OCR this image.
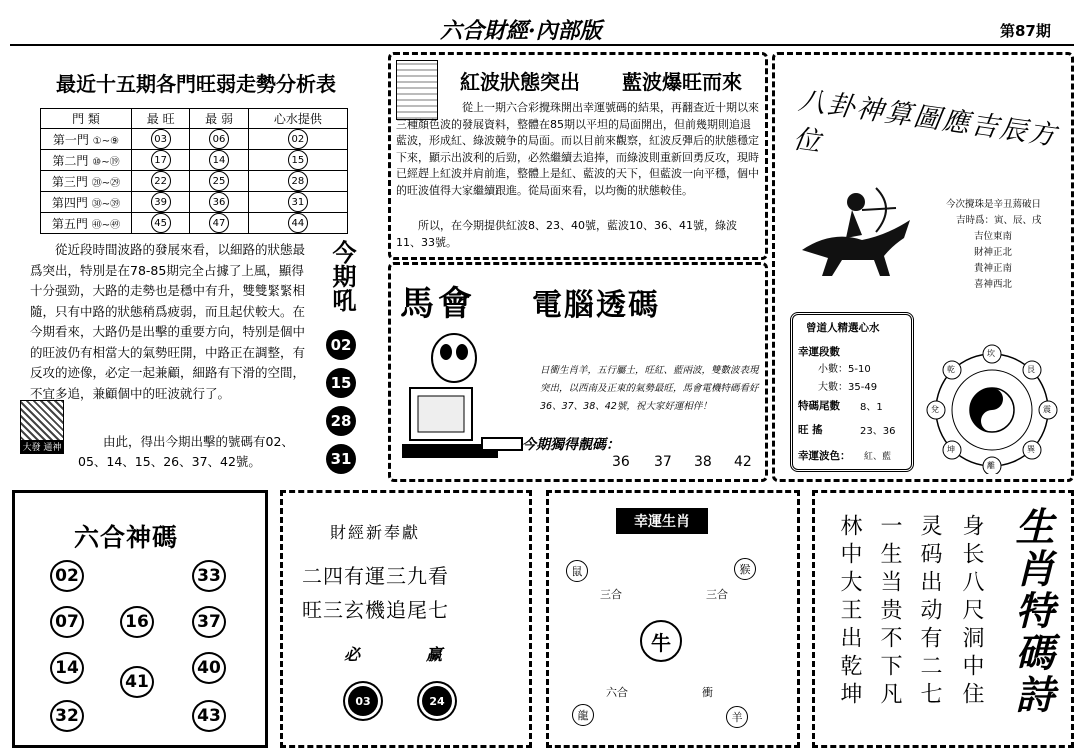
六合財經·內部版	第87期
最近十五期各門旺弱走勢分析表
門 類	最 旺	最 弱	心水提供
第一門 ①~⑨	03	06	02
第二門 ⑩~⑲	17	14	15
第三門 ⑳~㉙	22	25	28
第四門 ㉚~㊴	39	36	31
第五門 ㊵~㊾	45	47	44
從近段時間波路的發展來看，以細路的狀態最爲突出，特別是在78-85期完全占據了上風，顯得十分强勁，大路的走勢也是穩中有升，雙雙緊緊相隨，只有中路的狀態稍爲疲弱，而且起伏較大。在今期看來，大路仍是出擊的重要方向，特别是個中的旺波仍有相當大的氣勢旺開，中路正在調整，有反攻的迹像，必定一起兼顧，細路有下滑的空間，不宜多追，兼顧個中的旺波就行了。
大發 通神	由此，得出今期出擊的號碼有02、05、14、15、26、37、42號。
今期吼
02
15
28
31
紅波狀態突出 藍波爆旺而來
從上一期六合彩攪珠開出幸運號碼的結果，再翻查近十期以來三種顏色波的發展資料，整體在85期以平坦的局面開出，但前幾期則追退藍波，形成紅、綠波競争的局面。而以目前來觀察，紅波反彈后的狀態穩定下來，顯示出波利的后勁，必然繼續去追捧，而綠波則重新回勇反攻，現時已經趕上紅波并肩前進，整體上是紅、藍波的天下，但藍波一向平穩，個中的旺波值得大家繼續跟進。從局面來看，以均衡的狀態較佳。
所以，在今期提供紅波8、23、40號，藍波10、36、41號，綠波11、33號。
馬會 電腦透碼
日衝生肖羊，五行屬土，旺紅、藍兩波，雙數波表現突出，以西南及正東的氣勢最旺，馬會電機特碼看好36、37、38、42號，祝大家好運相伴！
今期獨得靚碼：
36 37 38 42
八卦神算圖應吉辰方位
今次攪珠是辛丑蔫破日
吉時爲：寅、辰、戌
吉位東南
財神正北
貴神正南
喜神西北
曾道人精選心水
幸運段數
小數：5-10
大數：35-49
特碼尾數 8、1
旺 搖	23、36
幸運波色： 紅、藍
坎
艮
震
巽
離
坤
兌
乾
北
六合神碼
02	33
07	16	37
14	40
41
32	43
財經新奉獻
二四有運三九看
旺三玄機追尾七
必	赢
03	24
幸運生肖
鼠	猴
三合	三合
牛
六合	衝
龍	羊
身长八尺洞中住
灵码出动有二七
一生当贵不下凡
林中大王出乾坤	生肖特碼詩
